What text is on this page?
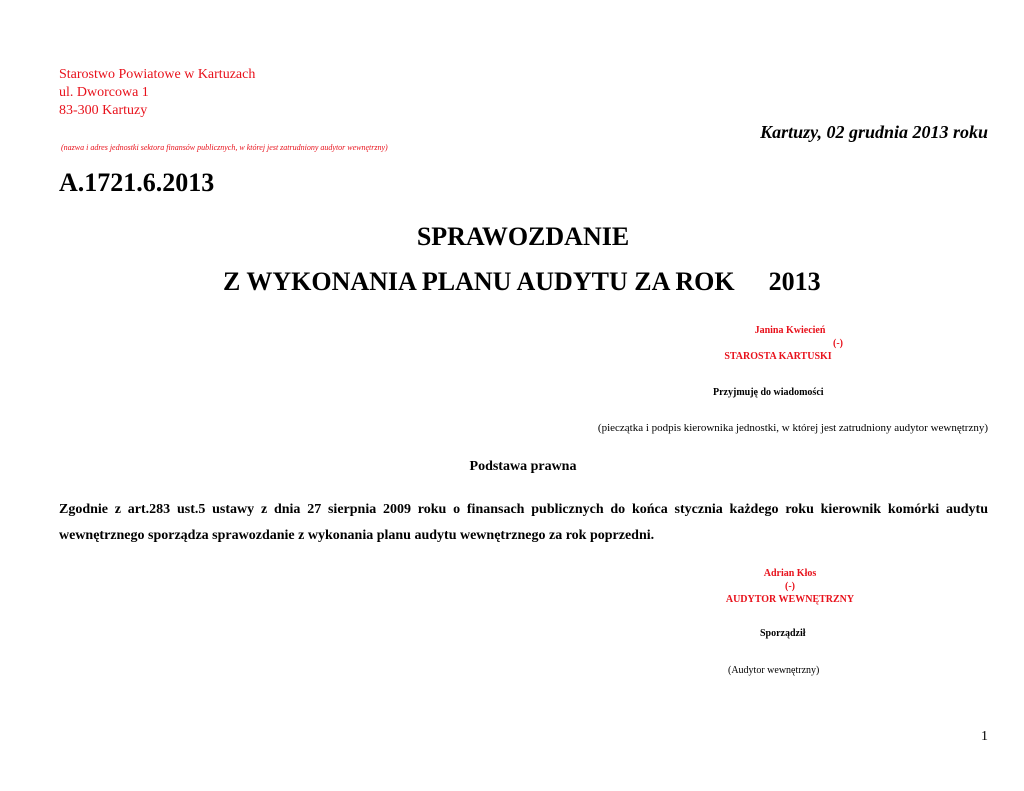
Starostwo Powiatowe w Kartuzach
ul. Dworcowa 1
83-300 Kartuzy
Kartuzy, 02 grudnia 2013 roku
(nazwa i adres jednostki sektora finansów publicznych, w której jest zatrudniony audytor wewnętrzny)
A.1721.6.2013
SPRAWOZDANIE
Z WYKONANIA PLANU AUDYTU ZA ROK 2013
Janina Kwiecień
(-)
STAROSTA KARTUSKI
Przyjmuję do wiadomości
(pieczątka i podpis kierownika jednostki, w której jest zatrudniony audytor wewnętrzny)
Podstawa prawna
Zgodnie z art.283 ust.5 ustawy z dnia 27 sierpnia 2009 roku o finansach publicznych do końca stycznia każdego roku kierownik komórki audytu wewnętrznego sporządza sprawozdanie z wykonania planu audytu wewnętrznego za rok poprzedni.
Adrian Kłos
(-)
AUDYTOR WEWNĘTRZNY
Sporządził
(Audytor wewnętrzny)
1
